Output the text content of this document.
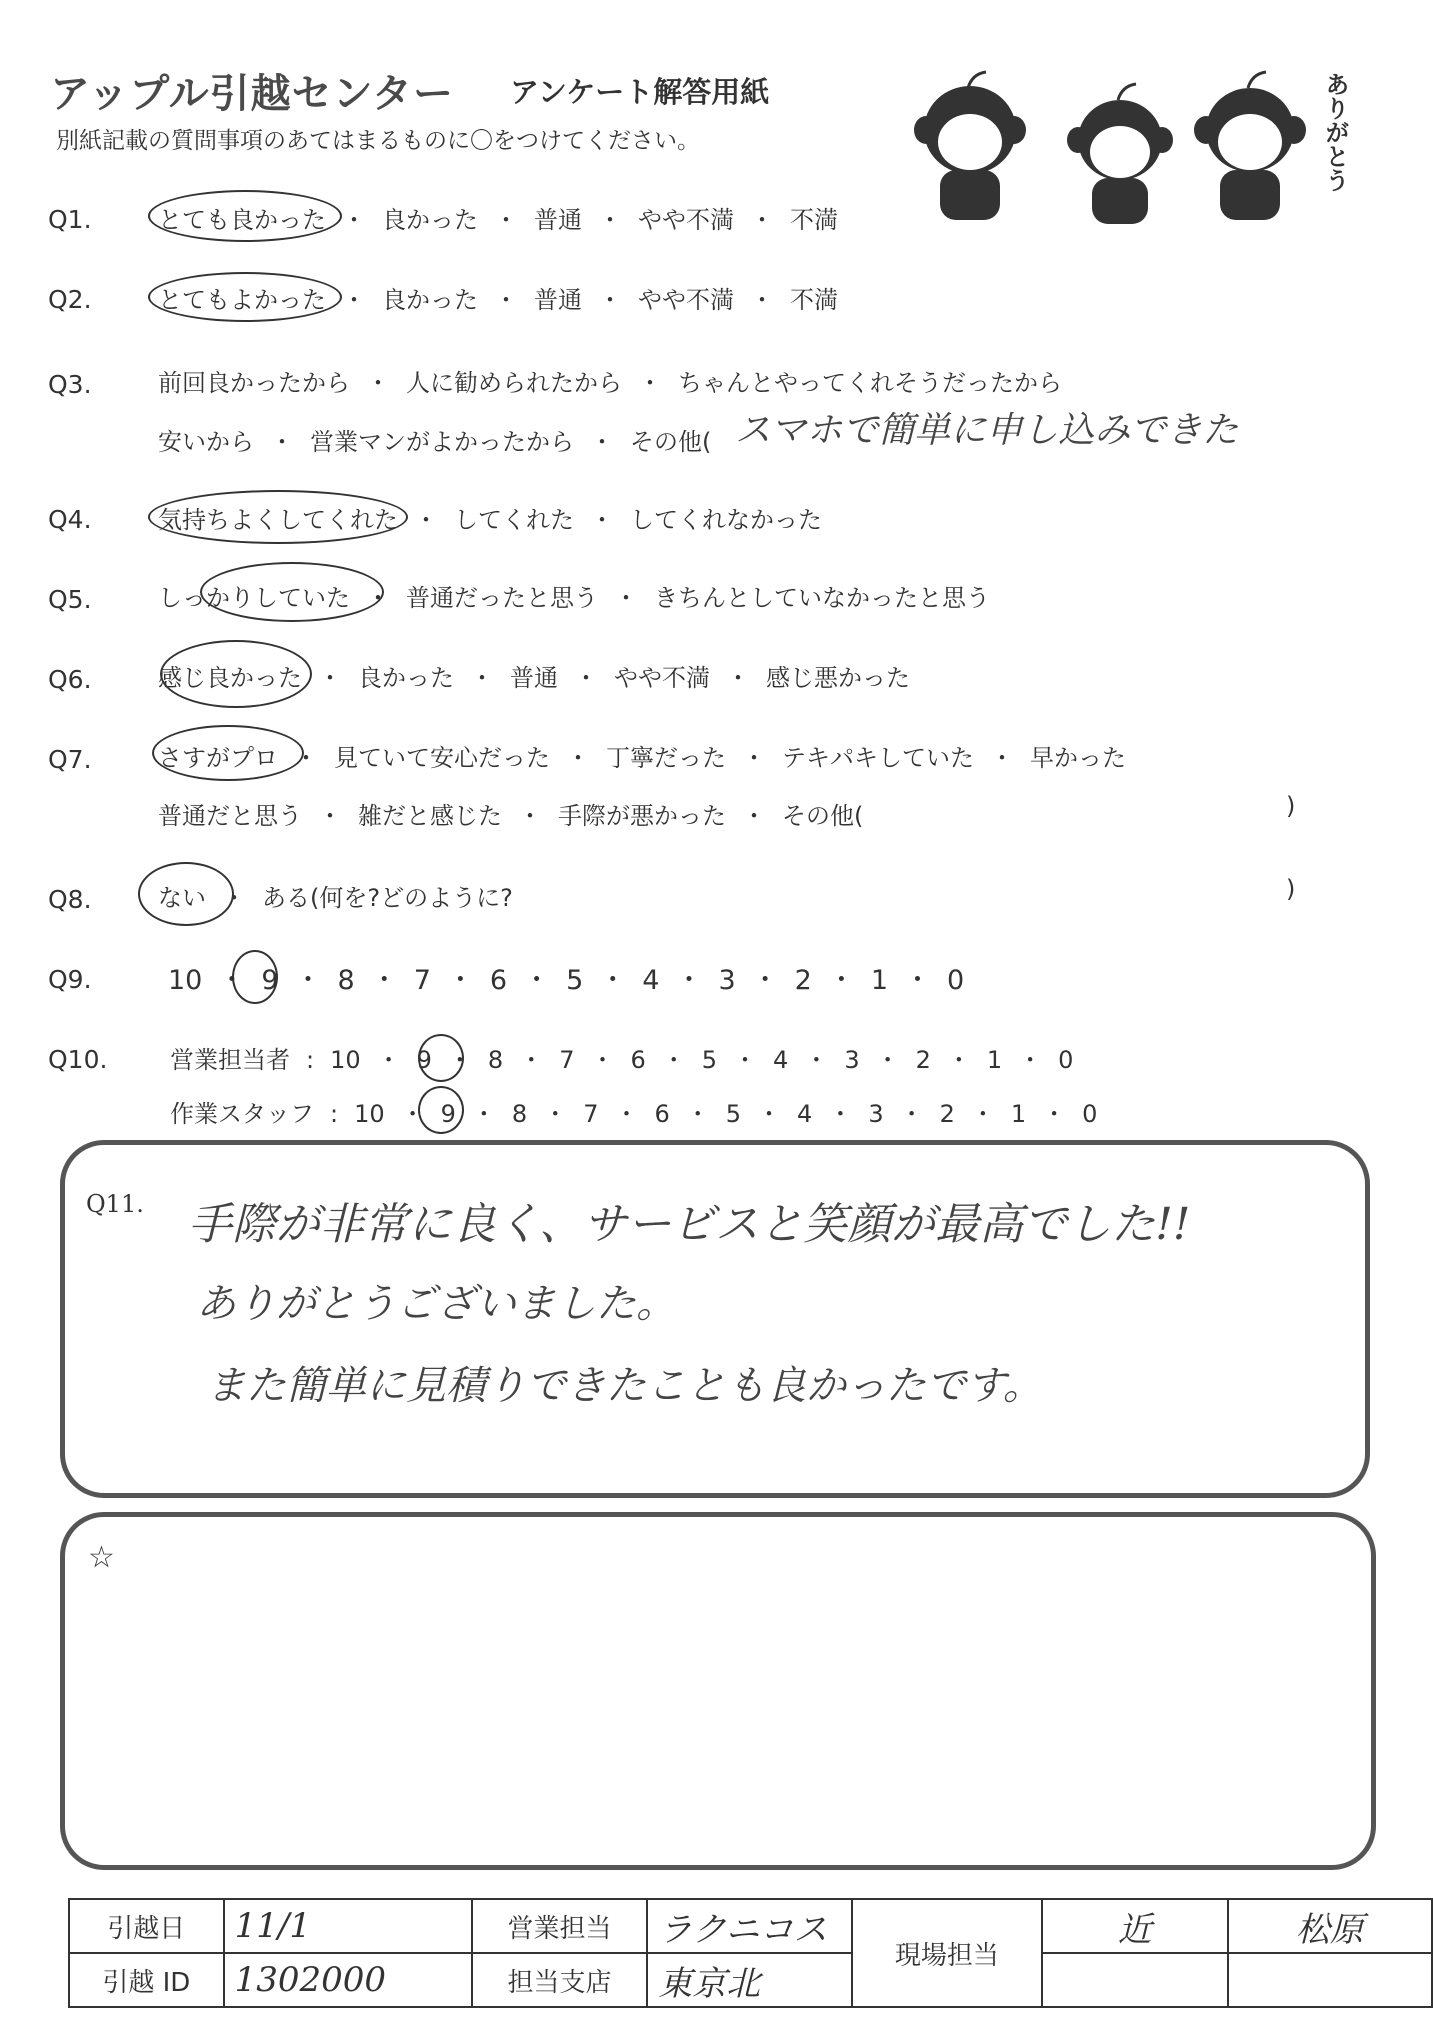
アップル引越センター アンケート解答用紙
別紙記載の質問事項のあてはまるものに〇をつけてください。	ありがとう
Q1.	とても良かった ・ 良かった ・ 普通 ・ やや不満 ・ 不満
Q2.	とてもよかった ・ 良かった ・ 普通 ・ やや不満 ・ 不満
Q3.	前回良かったから ・ 人に勧められたから ・ ちゃんとやってくれそうだったから
安いから ・ 営業マンがよかったから ・ その他( スマホで簡単に申し込みできた
Q4.	気持ちよくしてくれた ・ してくれた ・ してくれなかった
Q5.	しっかりしていた ・ 普通だったと思う ・ きちんとしていなかったと思う
Q6.	感じ良かった ・ 良かった ・ 普通 ・ やや不満 ・ 感じ悪かった
Q7.	さすがプロ ・ 見ていて安心だった ・ 丁寧だった ・ テキパキしていた ・ 早かった
普通だと思う ・ 雑だと感じた ・ 手際が悪かった ・ その他(	)
Q8.	ない ・ ある(何を?どのように?	)
Q9.	10 ・ 9 ・ 8 ・ 7 ・ 6 ・ 5 ・ 4 ・ 3 ・ 2 ・ 1 ・ 0
Q10.	営業担当者 : 10 ・ 9 ・ 8 ・ 7 ・ 6 ・ 5 ・ 4 ・ 3 ・ 2 ・ 1 ・ 0
作業スタッフ : 10 ・ 9 ・ 8 ・ 7 ・ 6 ・ 5 ・ 4 ・ 3 ・ 2 ・ 1 ・ 0
Q11. 手際が非常に良く、サービスと笑顔が最高でした!!
ありがとうございました。
また簡単に見積りできたことも良かったです。
☆
引越日	11/1	営業担当	ラクニコス	現場担当	近	松原
引越 ID	1302000	担当支店	東京北			
